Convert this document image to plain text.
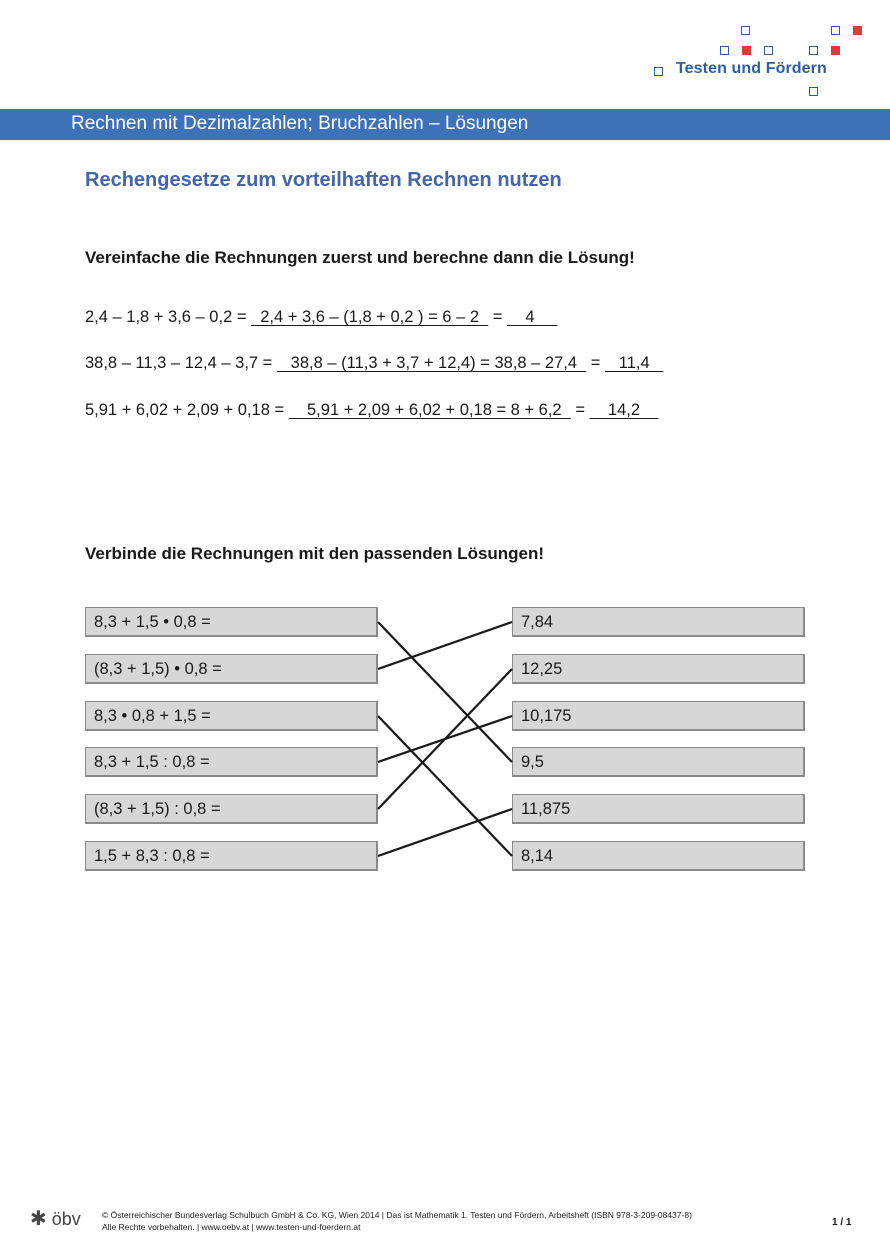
Testen und Fördern
Rechnen mit Dezimalzahlen; Bruchzahlen – Lösungen
Rechengesetze zum vorteilhaften Rechnen nutzen
Vereinfache die Rechnungen zuerst und berechne dann die Lösung!
2,4 – 1,8 + 3,6 – 0,2 =   2,4 + 3,6 – (1,8 + 0,2 ) = 6 – 2   =     4
38,8 – 11,3 – 12,4 – 3,7 =    38,8 – (11,3 + 3,7 + 12,4) = 38,8 – 27,4   =    11,4
5,91 + 6,02 + 2,09 + 0,18 =     5,91 + 2,09 + 6,02 + 0,18 = 8 + 6,2   =     14,2
Verbinde die Rechnungen mit den passenden Lösungen!
8,3 + 1,5 • 0,8 =
(8,3 + 1,5) • 0,8 =
8,3 • 0,8 + 1,5 =
8,3 + 1,5 : 0,8 =
(8,3 + 1,5) : 0,8 =
1,5 + 8,3 : 0,8 =
7,84
12,25
10,175
9,5
11,875
8,14
✱ öbv © Österreichischer Bundesverlag Schulbuch GmbH & Co. KG, Wien 2014 | Das ist Mathematik 1. Testen und Fördern, Arbeitsheft (ISBN 978-3-209-08437-8)
Alle Rechte vorbehalten. | www.oebv.at | www.testen-und-foerdern.at	1 / 1
